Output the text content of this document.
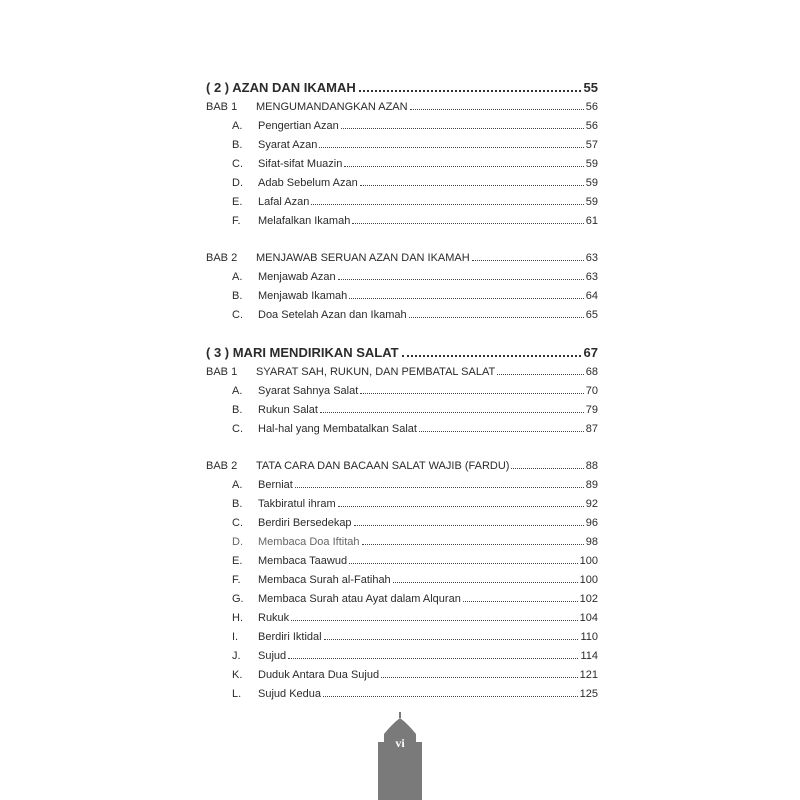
( 2 ) AZAN DAN IKAMAH	55
BAB 1	MENGUMANDANGKAN AZAN	56
A.	Pengertian Azan	56
B.	Syarat Azan	57
C.	Sifat-sifat Muazin	59
D.	Adab Sebelum Azan	59
E.	Lafal Azan	59
F.	Melafalkan Ikamah	61
BAB 2	MENJAWAB SERUAN AZAN DAN IKAMAH	63
A.	Menjawab Azan	63
B.	Menjawab Ikamah	64
C.	Doa Setelah Azan dan Ikamah	65
( 3 ) MARI MENDIRIKAN SALAT	67
BAB 1	SYARAT SAH, RUKUN, DAN PEMBATAL SALAT	68
A.	Syarat Sahnya Salat	70
B.	Rukun Salat	79
C.	Hal-hal yang Membatalkan Salat	87
BAB 2	TATA CARA DAN BACAAN SALAT WAJIB (FARDU)	88
A.	Berniat	89
B.	Takbiratul ihram	92
C.	Berdiri Bersedekap	96
D.	Membaca Doa Iftitah	98
E.	Membaca Taawud	100
F.	Membaca Surah al-Fatihah	100
G.	Membaca Surah atau Ayat dalam Alquran	102
H.	Rukuk	104
I.	Berdiri Iktidal	110
J.	Sujud	114
K.	Duduk Antara Dua Sujud	121
L.	Sujud Kedua	125
vi
